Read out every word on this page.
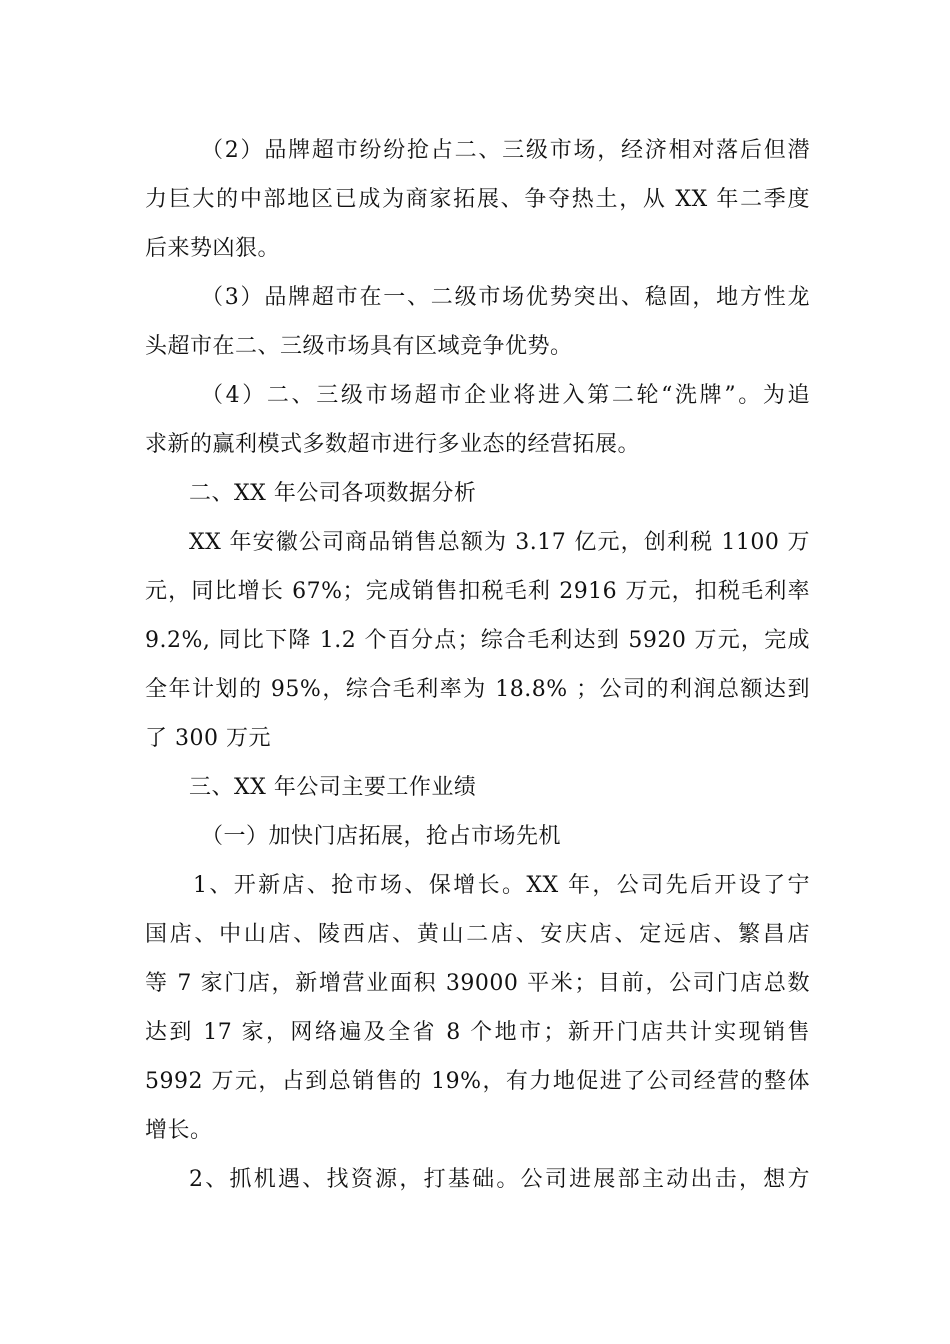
（2）品牌超市纷纷抢占二、三级市场，经济相对落后但潜
力巨大的中部地区已成为商家拓展、争夺热土，从 XX 年二季度
后来势凶狠。
（3）品牌超市在一、二级市场优势突出、稳固，地方性龙
头超市在二、三级市场具有区域竞争优势。
（4）二、三级市场超市企业将进入第二轮“洗牌”。为追
求新的赢利模式多数超市进行多业态的经营拓展。
二、XX 年公司各项数据分析
XX 年安徽公司商品销售总额为 3.17 亿元，创利税 1100 万
元，同比增长 67%；完成销售扣税毛利 2916 万元，扣税毛利率
9.2%, 同比下降 1.2 个百分点；综合毛利达到 5920 万元，完成
全年计划的 95%，综合毛利率为 18.8% ；公司的利润总额达到
了 300 万元
三、XX 年公司主要工作业绩
（一）加快门店拓展，抢占市场先机
1、开新店、抢市场、保增长。XX 年，公司先后开设了宁
国店、中山店、陵西店、黄山二店、安庆店、定远店、繁昌店
等 7 家门店，新增营业面积 39000 平米；目前，公司门店总数
达到 17 家，网络遍及全省 8 个地市；新开门店共计实现销售
5992 万元，占到总销售的 19%，有力地促进了公司经营的整体
增长。
2、抓机遇、找资源，打基础。公司进展部主动出击，想方
